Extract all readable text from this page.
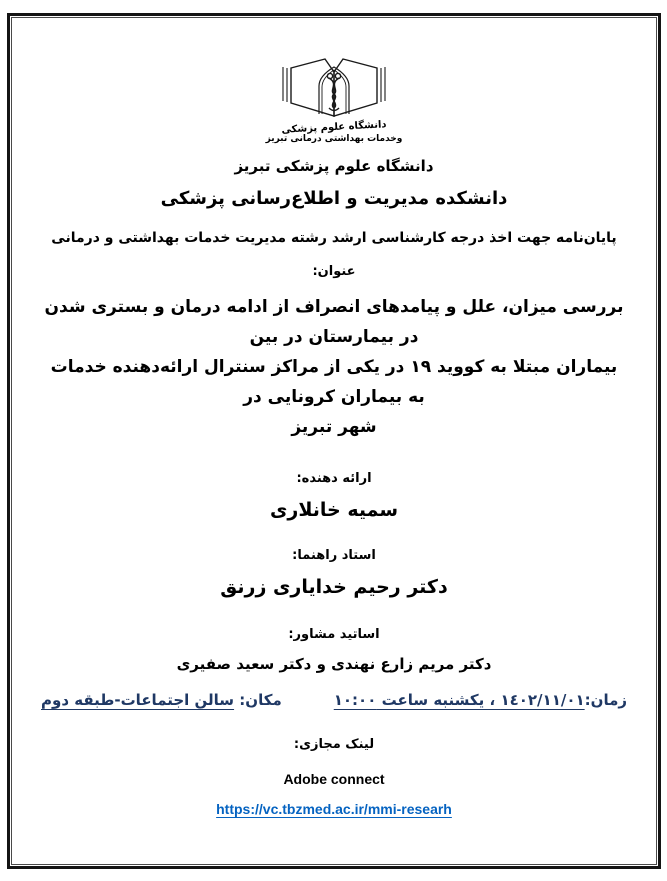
دانشگاه علوم پزشکی
وخدمات بهداشتی درمانی تبریز
دانشگاه علوم پزشکی تبریز
دانشکده مدیریت و اطلاع‌رسانی پزشکی
پایان‌نامه جهت اخذ درجه کارشناسی ارشد رشته مدیریت خدمات بهداشتی و درمانی
عنوان:
بررسی میزان، علل و پیامدهای انصراف از ادامه درمان و بستری شدن در بیمارستان در بین
بیماران مبتلا به کووید ١٩ در یکی از مراکز سنترال ارائه‌دهنده خدمات به بیماران کرونایی در
شهر تبریز
ارائه دهنده:
سمیه خانلاری
استاد راهنما:
دکتر رحیم خدایاری زرنق
اساتید مشاور:
دکتر مریم زارع نهندی و دکتر سعید صفیری
زمان:١٤٠٢/١١/٠١ ، یکشنبه ساعت ١٠:٠٠
مکان: سالن اجتماعات-طبقه دوم
لینک مجازی:
Adobe connect
https://vc.tbzmed.ac.ir/mmi-researh
